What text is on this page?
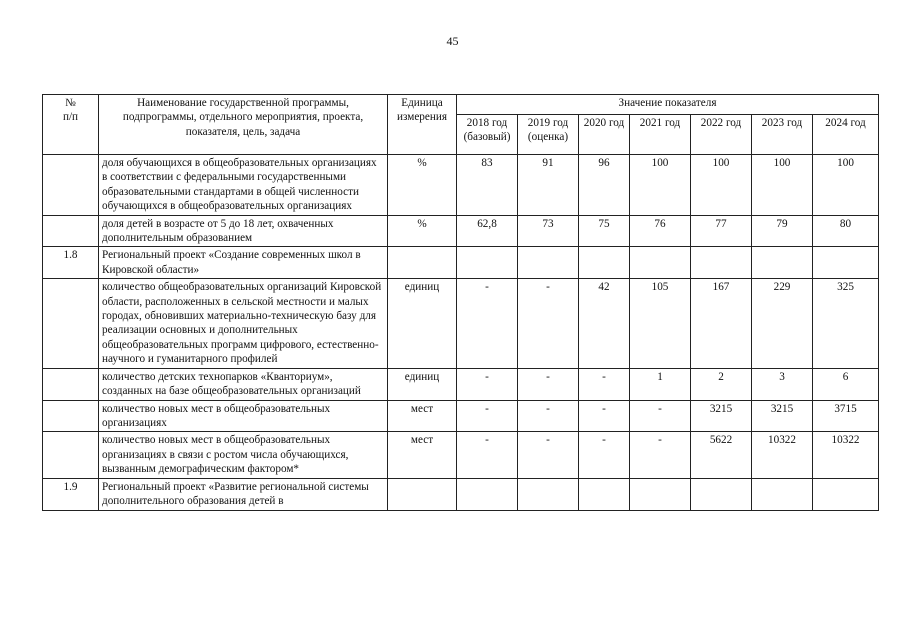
45
№
п/п	Наименование государственной программы, подпрограммы, отдельного мероприятия, проекта, показателя, цель, задача	Единица измерения	Значение показателя						
			2018 год (базовый)	2019 год (оценка)	2020 год	2021 год	2022 год	2023 год	2024 год
	доля обучающихся в общеобразовательных организациях в соответствии с федеральными государственными образовательными стандартами в общей численности обучающихся в общеобразовательных организациях	%	83	91	96	100	100	100	100
	доля детей в возрасте от 5 до 18 лет, охваченных дополнительным образованием	%	62,8	73	75	76	77	79	80
1.8	Региональный проект «Создание современных школ в Кировской области»								
	количество общеобразовательных организаций Кировской области, расположенных в сельской местности и малых городах, обновивших материально-техническую базу для реализации основных и дополнительных общеобразовательных программ цифрового, естественно-научного и гуманитарного профилей	единиц	-	-	42	105	167	229	325
	количество детских технопарков «Кванториум», созданных на базе общеобразовательных организаций	единиц	-	-	-	1	2	3	6
	количество новых мест в общеобразовательных организациях	мест	-	-	-	-	3215	3215	3715
	количество новых мест в общеобразовательных организациях в связи с ростом числа обучающихся, вызванным демографическим фактором*	мест	-	-	-	-	5622	10322	10322
1.9	Региональный проект «Развитие региональной системы дополнительного образования детей в								
